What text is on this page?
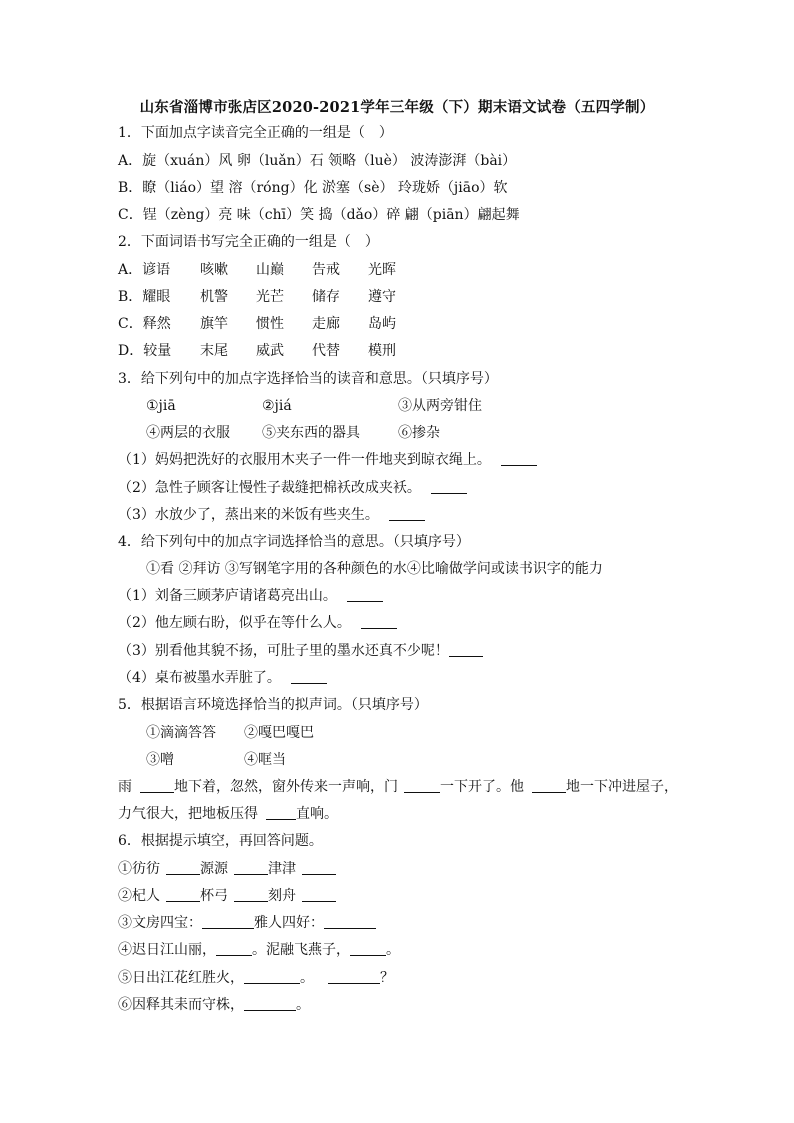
山东省淄博市张店区2020-2021学年三年级（下）期末语文试卷（五四学制）
1．下面加点字读音完全正确的一组是（　）
A．旋（xuán）风 卵（luǎn）石 领略（luè） 波涛澎湃（bài）
B．瞭（liáo）望 溶（róng）化 淤塞（sè） 玲珑娇（jiāo）软
C．锃（zèng）亮 味（chī）笑 捣（dǎo）碎 翩（piān）翩起舞
2．下面词语书写完全正确的一组是（　）
A．谚语 咳嗽 山巅 告戒 光晖
B．耀眼 机警 光芒 储存 遵守
C．释然 旗竿 惯性 走廊 岛屿
D．较量 末尾 威武 代替 模刑
3．给下列句中的加点字选择恰当的读音和意思。（只填序号）
①jiā	②jiá	③从两旁钳住
④两层的衣服 ⑤夹东西的器具	⑥掺杂
（1）妈妈把洗好的衣服用木夹子一件一件地夹到晾衣绳上。
（2）急性子顾客让慢性子裁缝把棉袄改成夹袄。
（3）水放少了，蒸出来的米饭有些夹生。
4．给下列句中的加点字词选择恰当的意思。（只填序号）
①看 ②拜访 ③写钢笔字用的各种颜色的水④比喻做学问或读书识字的能力
（1）刘备三顾茅庐请诸葛亮出山。
（2）他左顾右盼，似乎在等什么人。
（3）别看他其貌不扬，可肚子里的墨水还真不少呢！
（4）桌布被墨水弄脏了。
5．根据语言环境选择恰当的拟声词。（只填序号）
①滴滴答答 ②嘎巴嘎巴
③噌	④哐当
雨	地下着，忽然，窗外传来一声响，门	一下开了。他	地一下冲进屋子，
力气很大，把地板压得	直响。
6．根据提示填空，再回答问题。
①彷彷	源源	津津
②杞人	杯弓	刻舟
③文房四宝：	雅人四好：
④迟日江山丽，	。泥融飞燕子，	。
⑤日出江花红胜火，	。	？
⑥因释其耒而守株，	。
